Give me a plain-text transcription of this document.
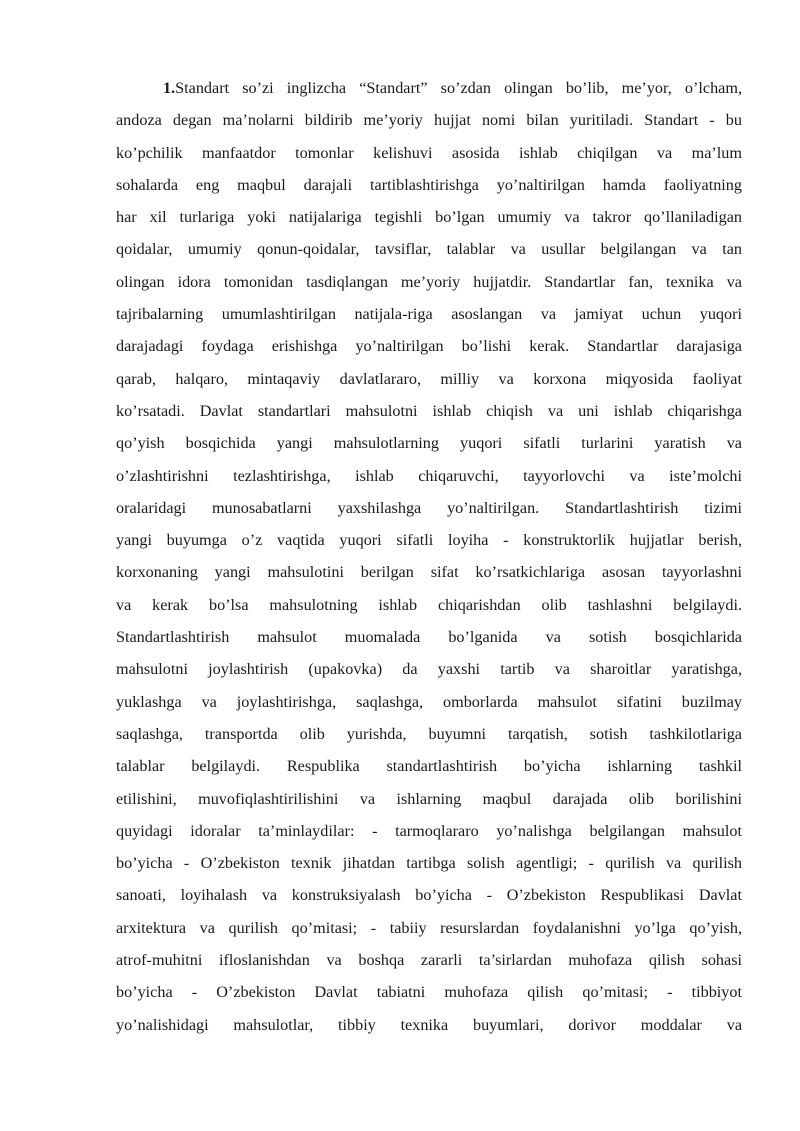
1.Standart so’zi inglizcha “Standart” so’zdan olingan bo’lib, me’yor, o’lcham,
andoza degan ma’nolarni bildirib me’yoriy hujjat nomi bilan yuritiladi. Standart - bu
ko’pchilik manfaatdor tomonlar kelishuvi asosida ishlab chiqilgan va ma’lum
sohalarda eng maqbul darajali tartiblashtirishga yo’naltirilgan hamda faoliyatning
har xil turlariga yoki natijalariga tegishli bo’lgan umumiy va takror qo’llaniladigan
qoidalar, umumiy qonun-qoidalar, tavsiflar, talablar va usullar belgilangan va tan
olingan idora tomonidan tasdiqlangan me’yoriy hujjatdir. Standartlar fan, texnika va
tajribalarning umumlashtirilgan natijala-riga asoslangan va jamiyat uchun yuqori
darajadagi foydaga erishishga yo’naltirilgan bo’lishi kerak. Standartlar darajasiga
qarab, halqaro, mintaqaviy davlatlararo, milliy va korxona miqyosida faoliyat
ko’rsatadi. Davlat standartlari mahsulotni ishlab chiqish va uni ishlab chiqarishga
qo’yish bosqichida yangi mahsulotlarning yuqori sifatli turlarini yaratish va
o’zlashtirishni tezlashtirishga, ishlab chiqaruvchi, tayyorlovchi va iste’molchi
oralaridagi munosabatlarni yaxshilashga yo’naltirilgan. Standartlashtirish tizimi
yangi buyumga o’z vaqtida yuqori sifatli loyiha - konstruktorlik hujjatlar berish,
korxonaning yangi mahsulotini berilgan sifat ko’rsatkichlariga asosan tayyorlashni
va kerak bo’lsa mahsulotning ishlab chiqarishdan olib tashlashni belgilaydi.
Standartlashtirish mahsulot muomalada bo’lganida va sotish bosqichlarida
mahsulotni joylashtirish (upakovka) da yaxshi tartib va sharoitlar yaratishga,
yuklashga va joylashtirishga, saqlashga, omborlarda mahsulot sifatini buzilmay
saqlashga, transportda olib yurishda, buyumni tarqatish, sotish tashkilotlariga
talablar belgilaydi. Respublika standartlashtirish bo’yicha ishlarning tashkil
etilishini, muvofiqlashtirilishini va ishlarning maqbul darajada olib borilishini
quyidagi idoralar ta’minlaydilar: - tarmoqlararo yo’nalishga belgilangan mahsulot
bo’yicha - O’zbekiston texnik jihatdan tartibga solish agentligi; - qurilish va qurilish
sanoati, loyihalash va konstruksiyalash bo’yicha - O’zbekiston Respublikasi Davlat
arxitektura va qurilish qo’mitasi; - tabiiy resurslardan foydalanishni yo’lga qo’yish,
atrof-muhitni ifloslanishdan va boshqa zararli ta’sirlardan muhofaza qilish sohasi
bo’yicha - O’zbekiston Davlat tabiatni muhofaza qilish qo’mitasi; - tibbiyot
yo’nalishidagi mahsulotlar, tibbiy texnika buyumlari, dorivor moddalar va
